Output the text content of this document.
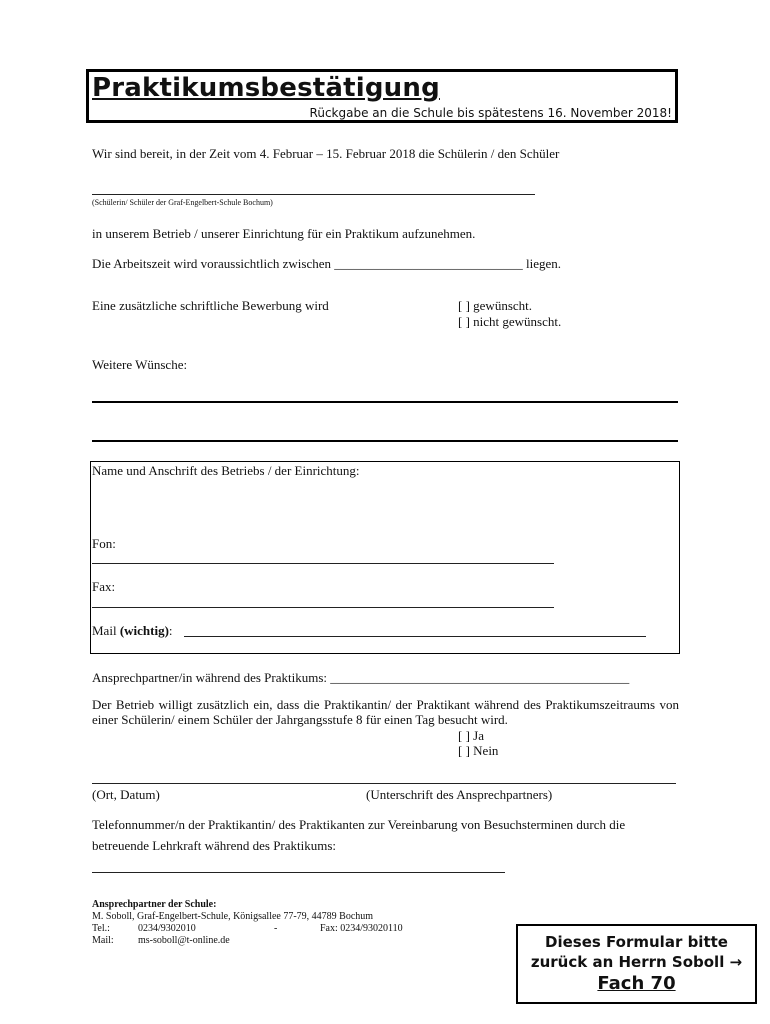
Praktikumsbestätigung
Rückgabe an die Schule bis spätestens 16. November 2018!
Wir sind bereit, in der Zeit vom 4. Februar – 15. Februar 2018 die Schülerin / den Schüler
(Schülerin/ Schüler der Graf-Engelbert-Schule Bochum)
in unserem Betrieb / unserer Einrichtung für ein Praktikum aufzunehmen.
Die Arbeitszeit wird voraussichtlich zwischen _____________________________ liegen.
Eine zusätzliche schriftliche Bewerbung wird	[ ] gewünscht.
[ ] nicht gewünscht.
Weitere Wünsche:
Name und Anschrift des Betriebs / der Einrichtung:
Fon:
Fax:
Mail (wichtig):
Ansprechpartner/in während des Praktikums: ______________________________________________
Der Betrieb willigt zusätzlich ein, dass die Praktikantin/ der Praktikant während des Praktikumszeitraums von einer Schülerin/ einem Schüler der Jahrgangsstufe 8 für einen Tag besucht wird.
[ ] Ja
[ ] Nein
(Ort, Datum)	(Unterschrift des Ansprechpartners)
Telefonnummer/n der Praktikantin/ des Praktikanten zur Vereinbarung von Besuchsterminen durch die
betreuende Lehrkraft während des Praktikums:
Ansprechpartner der Schule:
M. Soboll, Graf-Engelbert-Schule, Königsallee 77-79, 44789 Bochum
Tel.:	0234/9302010	-	Fax: 0234/93020110
Mail: ms-soboll@t-online.de	Dieses Formular bitte
zurück an Herrn Soboll →
Fach 70
